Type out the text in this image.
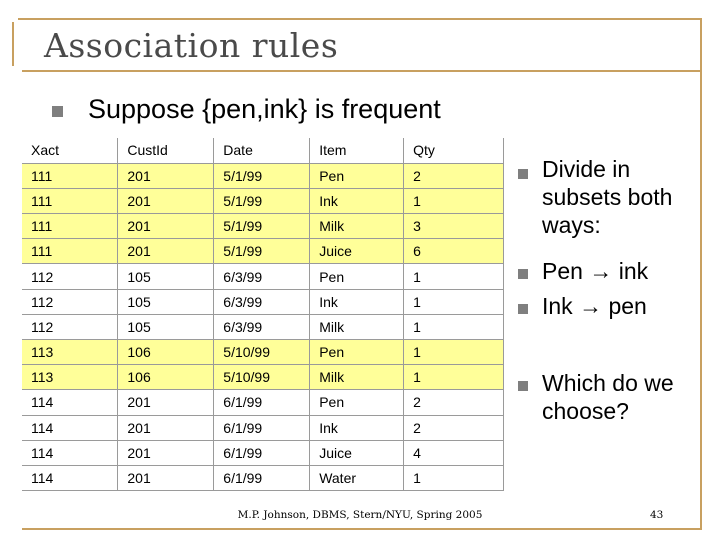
Association rules
Suppose {pen,ink} is frequent
Xact	CustId	Date	Item	Qty
111	201	5/1/99	Pen	2
111	201	5/1/99	Ink	1
111	201	5/1/99	Milk	3
111	201	5/1/99	Juice	6
112	105	6/3/99	Pen	1
112	105	6/3/99	Ink	1
112	105	6/3/99	Milk	1
113	106	5/10/99	Pen	1
113	106	5/10/99	Milk	1
114	201	6/1/99	Pen	2
114	201	6/1/99	Ink	2
114	201	6/1/99	Juice	4
114	201	6/1/99	Water	1
Divide in subsets both ways:
Pen → ink
Ink → pen
Which do we choose?
M.P. Johnson, DBMS, Stern/NYU, Spring 2005	43
